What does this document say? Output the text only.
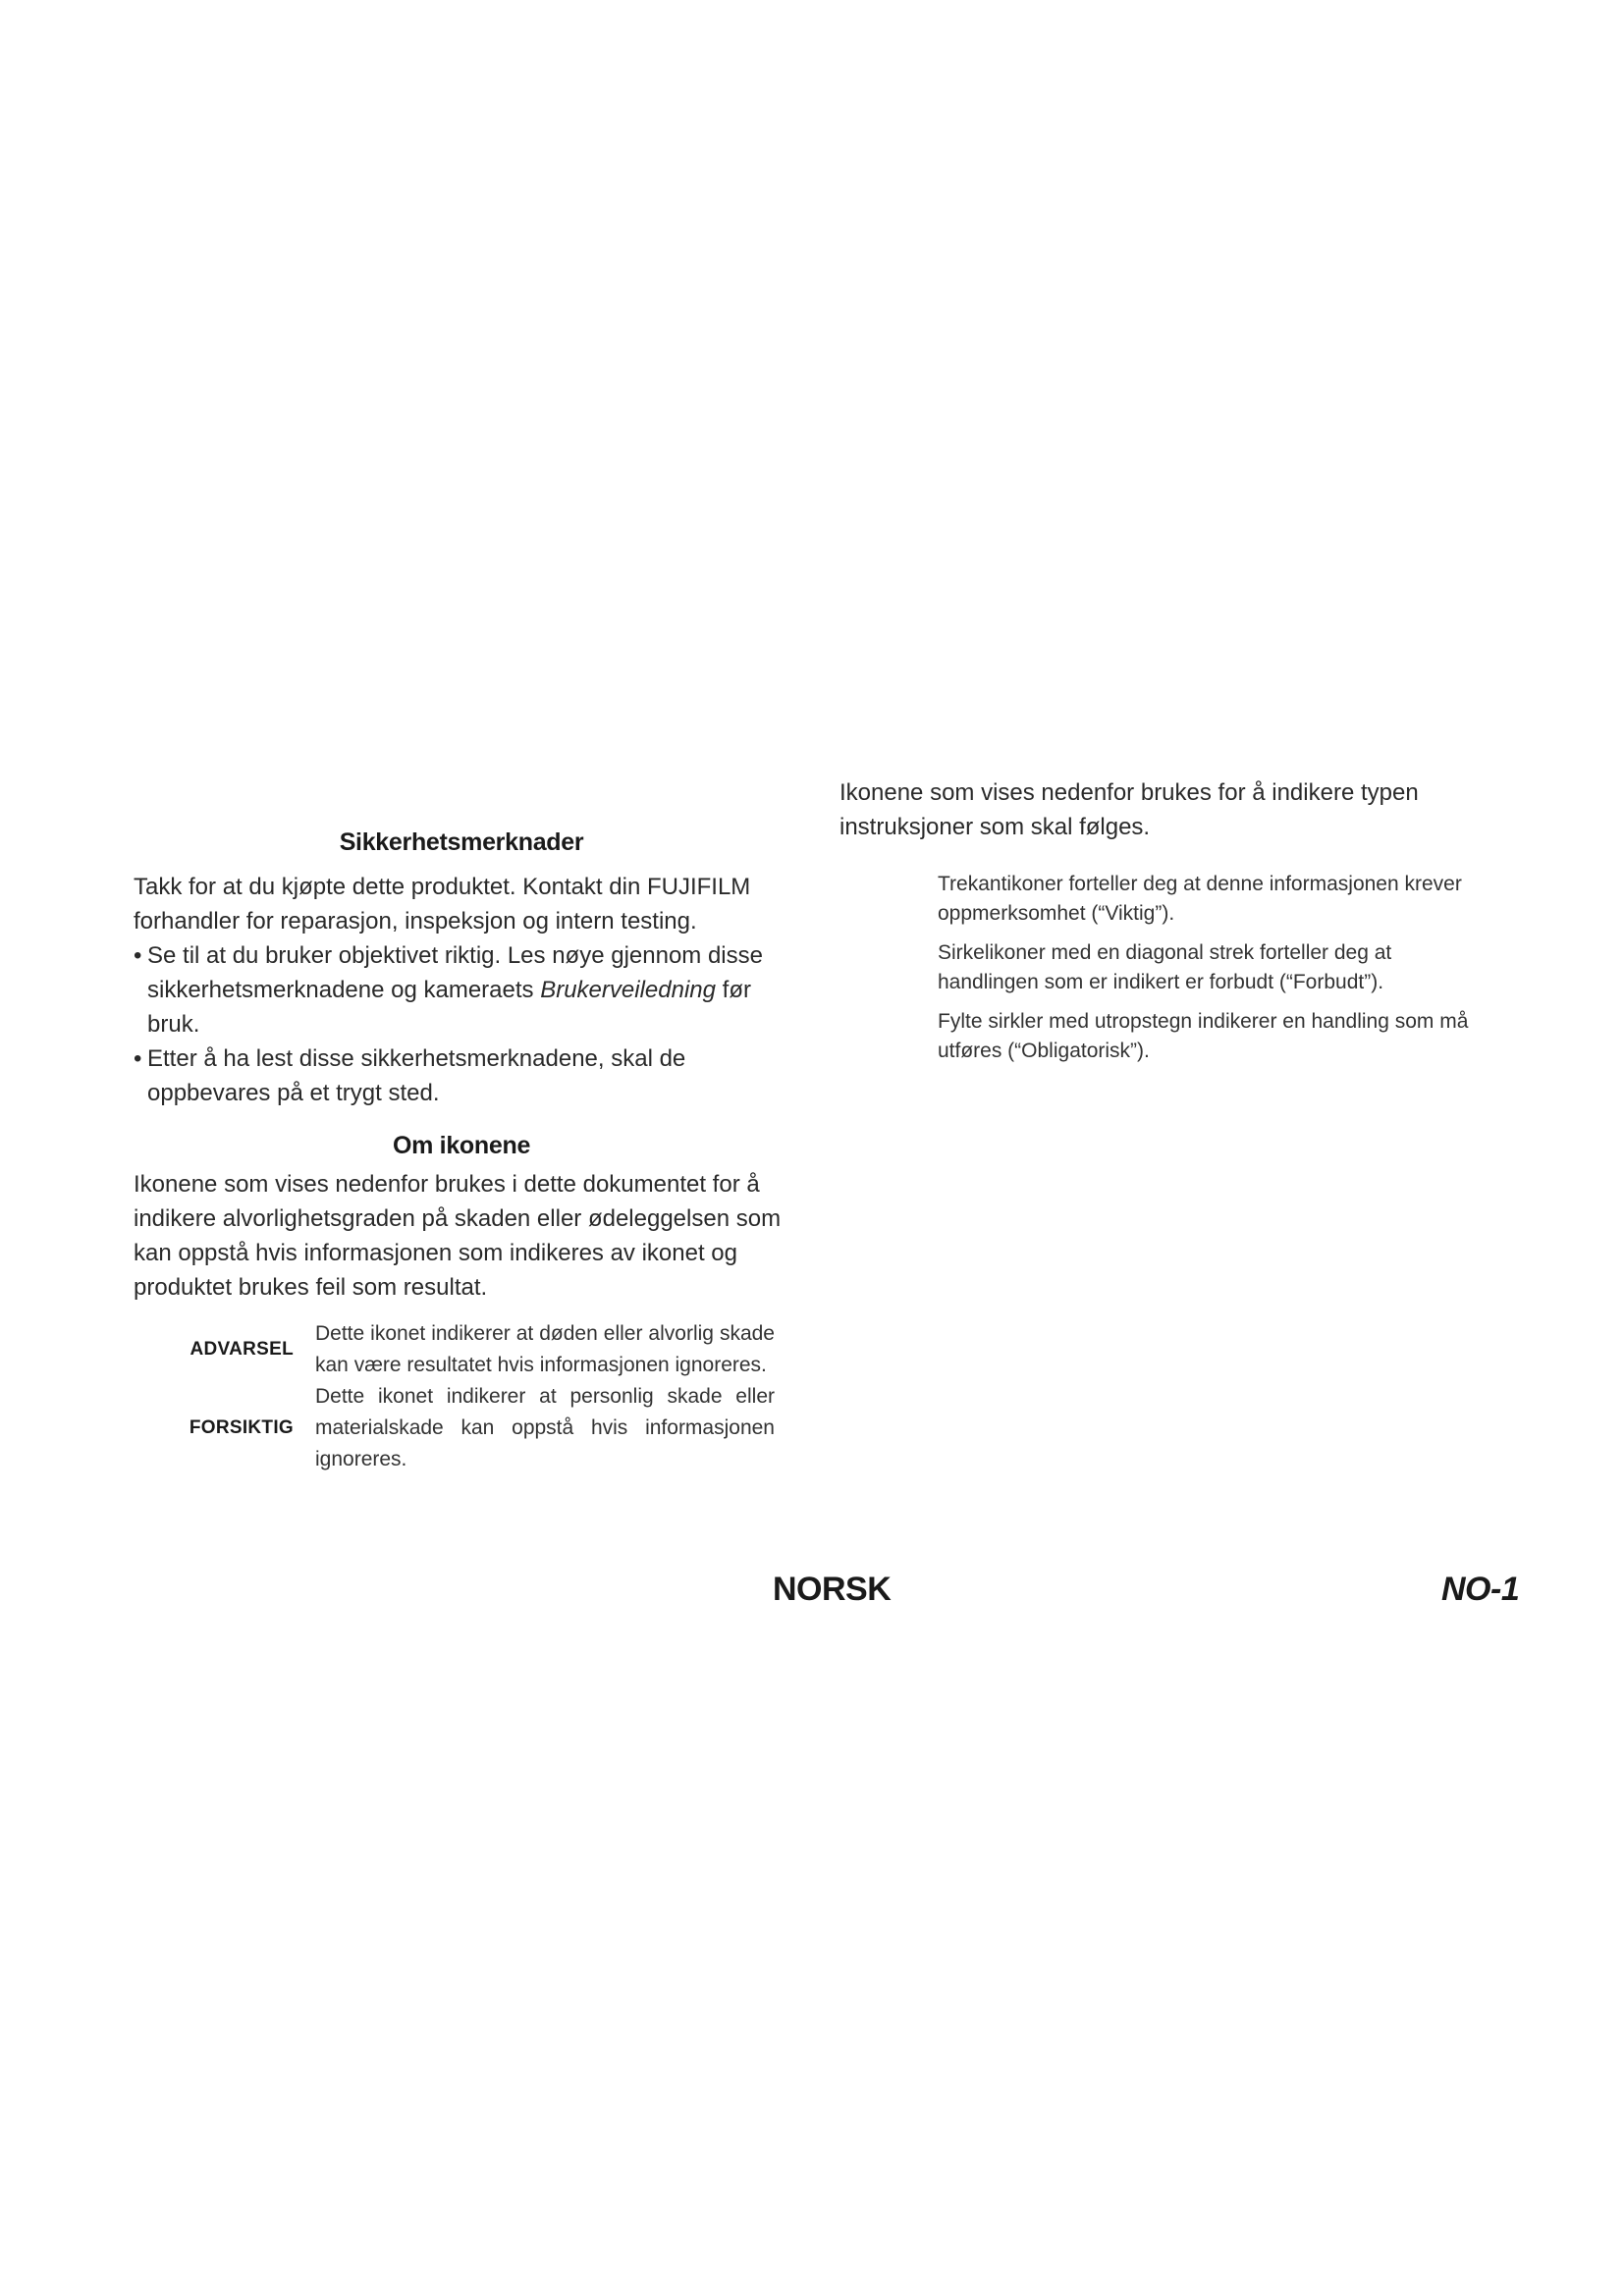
Sikkerhetsmerknader

Takk for at du kjøpte dette produktet. Kontakt din FUJIFILM forhandler for reparasjon, inspeksjon og intern testing.

• Se til at du bruker objektivet riktig. Les nøye gjennom disse sikkerhetsmerknadene og kameraets Brukerveiledning før bruk.
• Etter å ha lest disse sikkerhetsmerknadene, skal de oppbevares på et trygt sted.
Om ikonene

Ikonene som vises nedenfor brukes i dette dokumentet for å indikere alvorlighetsgraden på skaden eller ødeleggelsen som kan oppstå hvis informasjonen som indikeres av ikonet og produktet brukes feil som resultat.

ADVARSEL
Dette ikonet indikerer at døden eller alvorlig skade kan være resultatet hvis informasjonen ignoreres.
FORSIKTIG
Dette ikonet indikerer at personlig skade eller materialskade kan oppstå hvis informasjonen ignoreres.

Ikonene som vises nedenfor brukes for å indikere typen instruksjoner som skal følges.

Trekantikoner forteller deg at denne informasjonen krever oppmerksomhet (“Viktig”).
Sirkelikoner med en diagonal strek forteller deg at handlingen som er indikert er forbudt (“Forbudt”).
Fylte sirkler med utropstegn indikerer en handling som må utføres (“Obligatorisk”).
NORSK	NO-1
